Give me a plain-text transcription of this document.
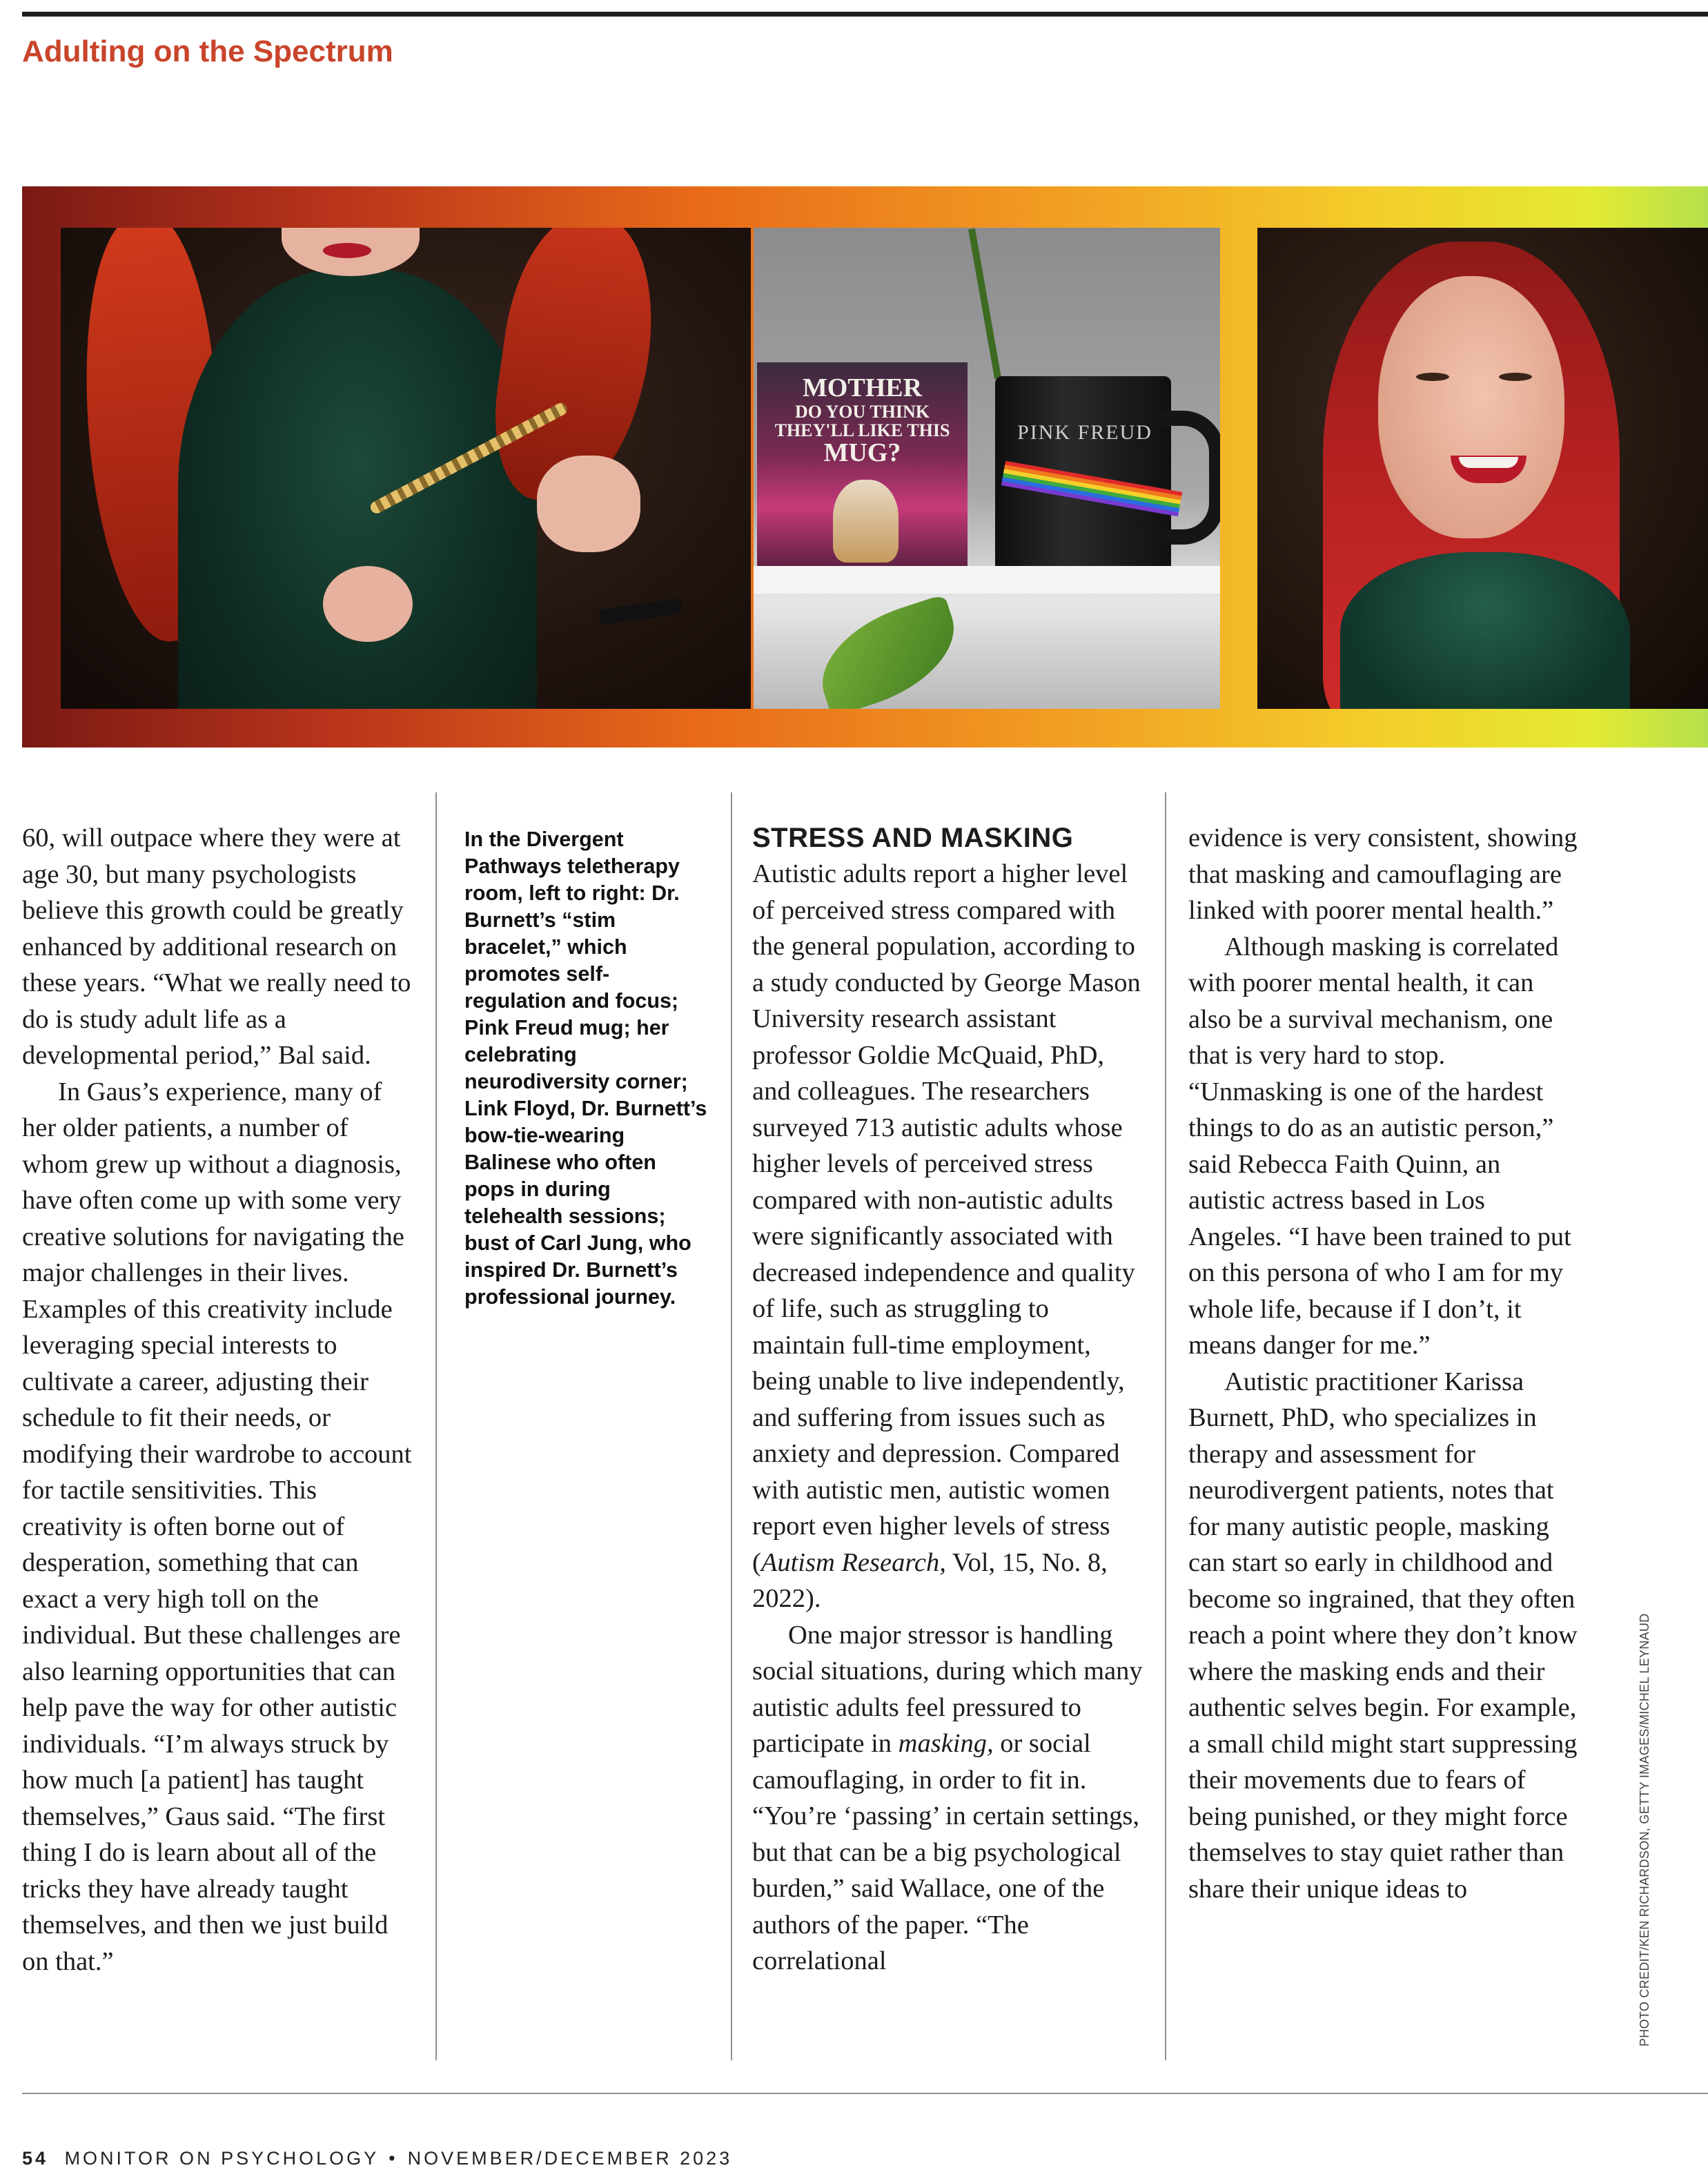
Adulting on the Spectrum
MOTHER
DO YOU THINK THEY'LL LIKE THIS
MUG?
PINK FREUD

60, will outpace where they were at age 30, but many psychologists believe this growth could be greatly enhanced by additional research on these years. “What we really need to do is study adult life as a developmental period,” Bal said.

In Gaus’s experience, many of her older patients, a number of whom grew up without a diagnosis, have often come up with some very creative solutions for navigating the major challenges in their lives. Examples of this creativity include leveraging special interests to cultivate a career, adjusting their schedule to fit their needs, or modifying their wardrobe to account for tactile sensitivities. This creativity is often borne out of desperation, something that can exact a very high toll on the individual. But these challenges are also learning opportunities that can help pave the way for other autistic individuals. “I’m always struck by how much [a patient] has taught themselves,” Gaus said. “The first thing I do is learn about all of the tricks they have already taught themselves, and then we just build on that.”

In the Divergent Pathways teletherapy room, left to right: Dr. Burnett’s “stim bracelet,” which promotes self-regulation and focus; Pink Freud mug; her celebrating neurodiversity corner; Link Floyd, Dr. Burnett’s bow-tie-wearing Balinese who often pops in during telehealth sessions; bust of Carl Jung, who inspired Dr. Burnett’s professional journey.
STRESS AND MASKING

Autistic adults report a higher level of perceived stress compared with the general population, according to a study conducted by George Mason University research assistant professor Goldie McQuaid, PhD, and colleagues. The researchers surveyed 713 autistic adults whose higher levels of perceived stress compared with non-autistic adults were significantly associated with decreased independence and quality of life, such as struggling to maintain full-time employment, being unable to live independently, and suffering from issues such as anxiety and depression. Compared with autistic men, autistic women report even higher levels of stress (Autism Research, Vol, 15, No. 8, 2022).

One major stressor is handling social situations, during which many autistic adults feel pressured to participate in masking, or social camouflaging, in order to fit in. “You’re ‘passing’ in certain settings, but that can be a big psychological burden,” said Wallace, one of the authors of the paper. “The correlational

evidence is very consistent, showing that masking and camouflaging are linked with poorer mental health.”

Although masking is correlated with poorer mental health, it can also be a survival mechanism, one that is very hard to stop. “Unmasking is one of the hardest things to do as an autistic person,” said Rebecca Faith Quinn, an autistic actress based in Los Angeles. “I have been trained to put on this persona of who I am for my whole life, because if I don’t, it means danger for me.”

Autistic practitioner Karissa Burnett, PhD, who specializes in therapy and assessment for neurodivergent patients, notes that for many autistic people, masking can start so early in childhood and become so ingrained, that they often reach a point where they don’t know where the masking ends and their authentic selves begin. For example, a small child might start suppressing their movements due to fears of being punished, or they might force themselves to stay quiet rather than share their unique ideas to	PHOTO CREDIT/KEN RICHARDSON, GETTY IMAGES/MICHEL LEYNAUD
54 MONITOR ON PSYCHOLOGY • NOVEMBER/DECEMBER 2023
